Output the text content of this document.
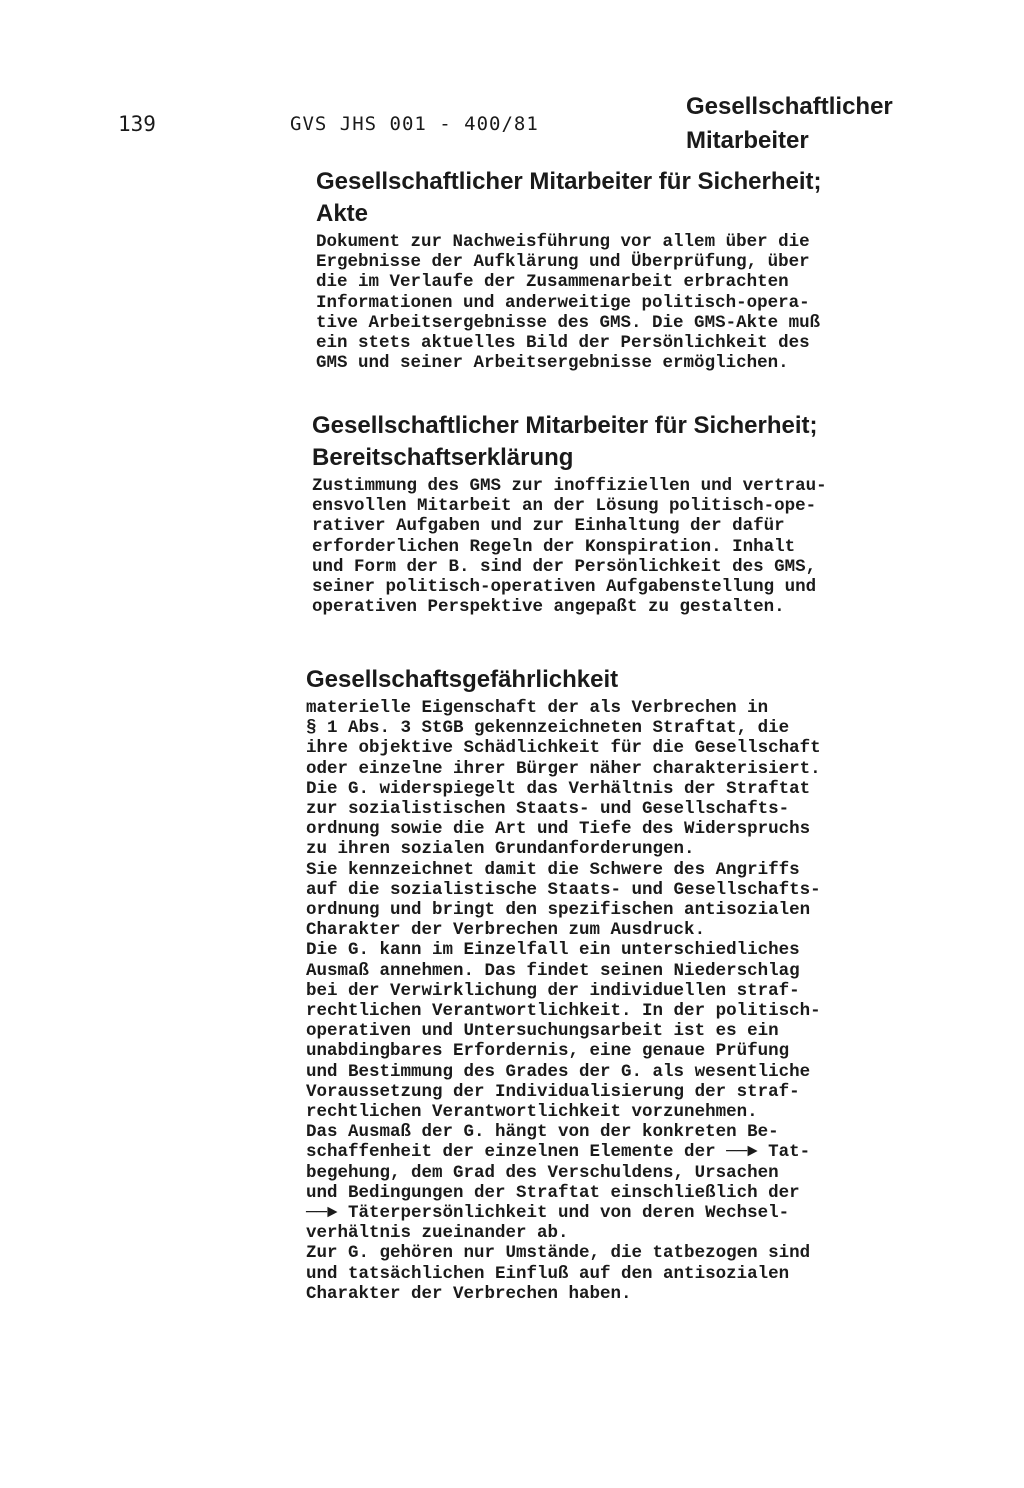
139	GVS JHS 001 - 400/81
Gesellschaftlicher
Mitarbeiter
Gesellschaftlicher Mitarbeiter für Sicherheit;
Akte
Dokument zur Nachweisführung vor allem über die
Ergebnisse der Aufklärung und Überprüfung, über
die im Verlaufe der Zusammenarbeit erbrachten
Informationen und anderweitige politisch-opera-
tive Arbeitsergebnisse des GMS. Die GMS-Akte muß
ein stets aktuelles Bild der Persönlichkeit des
GMS und seiner Arbeitsergebnisse ermöglichen.
Gesellschaftlicher Mitarbeiter für Sicherheit;
Bereitschaftserklärung
Zustimmung des GMS zur inoffiziellen und vertrau-
ensvollen Mitarbeit an der Lösung politisch-ope-
rativer Aufgaben und zur Einhaltung der dafür
erforderlichen Regeln der Konspiration. Inhalt
und Form der B. sind der Persönlichkeit des GMS,
seiner politisch-operativen Aufgabenstellung und
operativen Perspektive angepaßt zu gestalten.
Gesellschaftsgefährlichkeit
materielle Eigenschaft der als Verbrechen in
§ 1 Abs. 3 StGB gekennzeichneten Straftat, die
ihre objektive Schädlichkeit für die Gesellschaft
oder einzelne ihrer Bürger näher charakterisiert.
Die G. widerspiegelt das Verhältnis der Straftat
zur sozialistischen Staats- und Gesellschafts-
ordnung sowie die Art und Tiefe des Widerspruchs
zu ihren sozialen Grundanforderungen.
Sie kennzeichnet damit die Schwere des Angriffs
auf die sozialistische Staats- und Gesellschafts-
ordnung und bringt den spezifischen antisozialen
Charakter der Verbrechen zum Ausdruck.
Die G. kann im Einzelfall ein unterschiedliches
Ausmaß annehmen. Das findet seinen Niederschlag
bei der Verwirklichung der individuellen straf-
rechtlichen Verantwortlichkeit. In der politisch-
operativen und Untersuchungsarbeit ist es ein
unabdingbares Erfordernis, eine genaue Prüfung
und Bestimmung des Grades der G. als wesentliche
Voraussetzung der Individualisierung der straf-
rechtlichen Verantwortlichkeit vorzunehmen.
Das Ausmaß der G. hängt von der konkreten Be-
schaffenheit der einzelnen Elemente der ──► Tat-
begehung, dem Grad des Verschuldens, Ursachen
und Bedingungen der Straftat einschließlich der
──► Täterpersönlichkeit und von deren Wechsel-
verhältnis zueinander ab.
Zur G. gehören nur Umstände, die tatbezogen sind
und tatsächlichen Einfluß auf den antisozialen
Charakter der Verbrechen haben.
